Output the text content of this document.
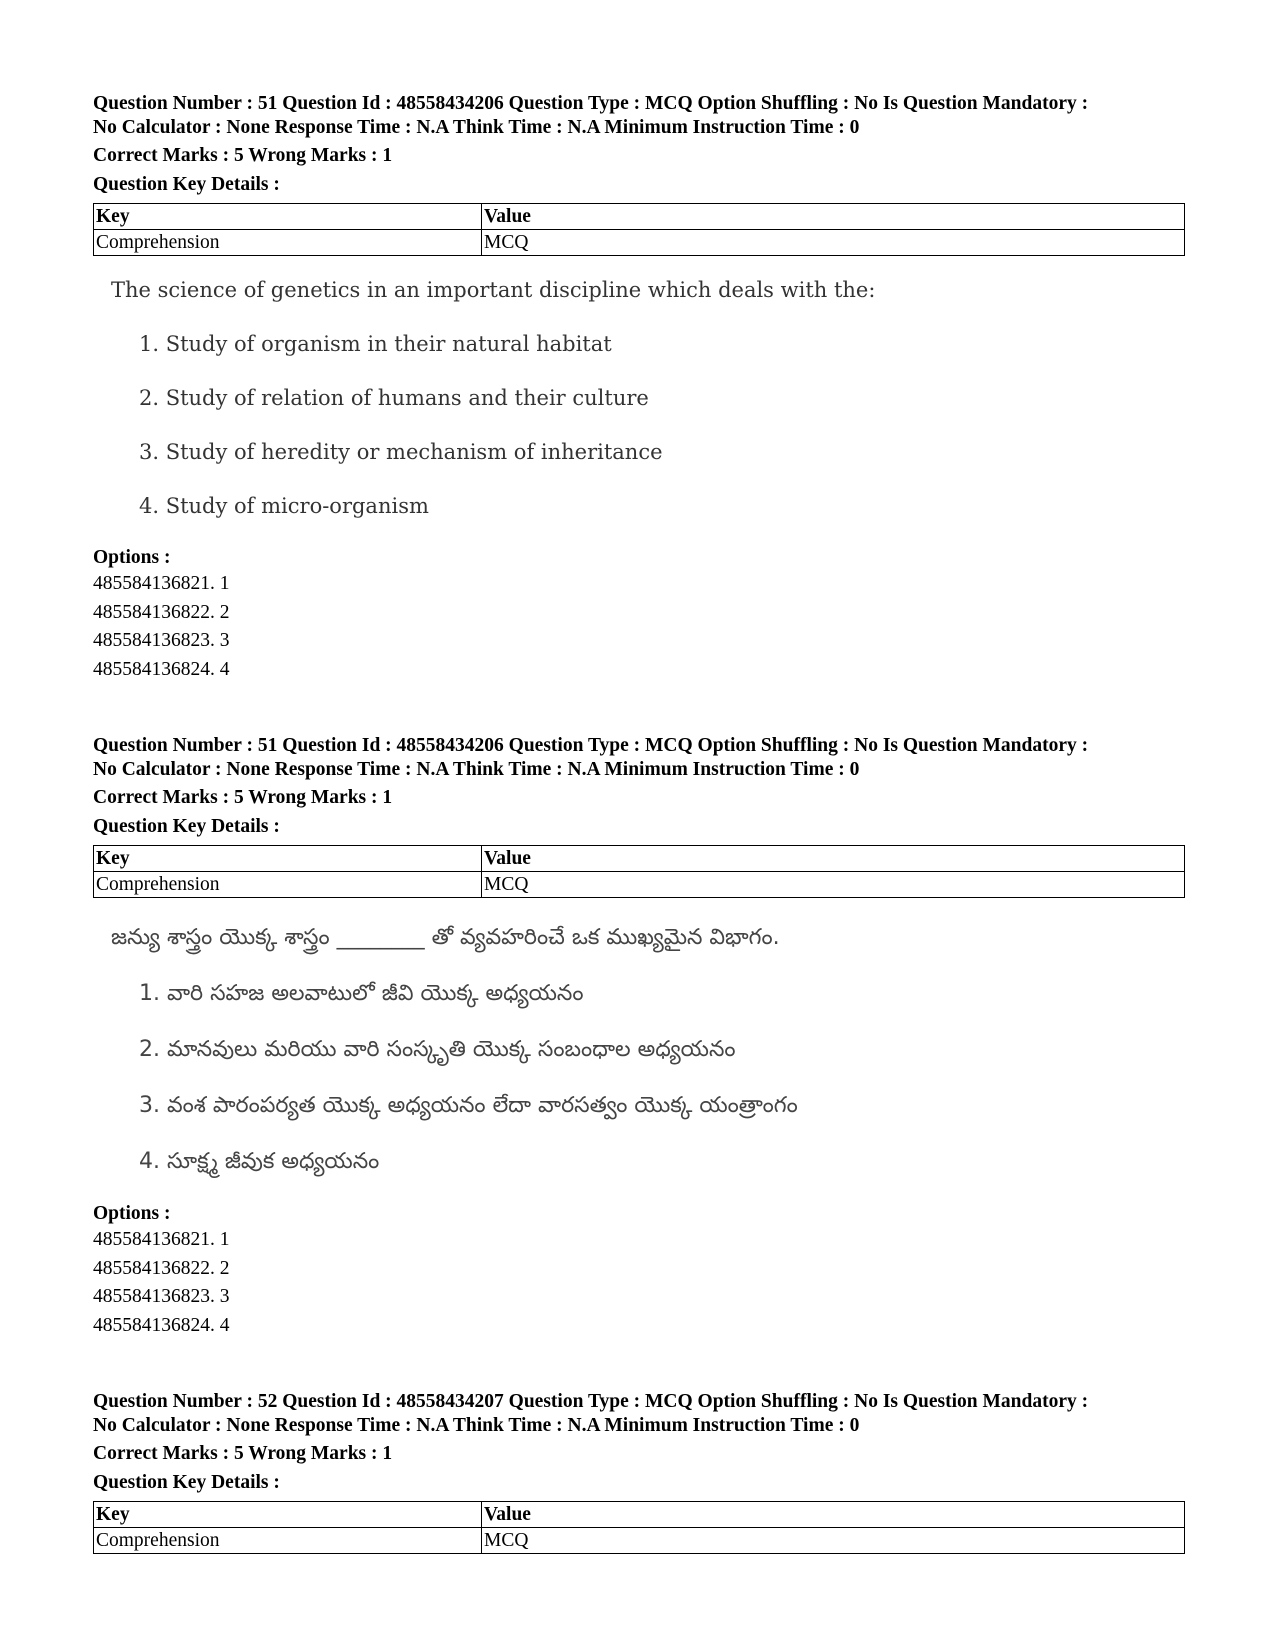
Question Number : 51 Question Id : 48558434206 Question Type : MCQ Option Shuffling : No Is Question Mandatory :

No Calculator : None Response Time : N.A Think Time : N.A Minimum Instruction Time : 0

Correct Marks : 5 Wrong Marks : 1
Question Key Details :
Key	Value
Comprehension	MCQ
The science of genetics in an important discipline which deals with the:
1. Study of organism in their natural habitat
2. Study of relation of humans and their culture
3. Study of heredity or mechanism of inheritance
4. Study of micro-organism
Options :
485584136821. 1
485584136822. 2
485584136823. 3
485584136824. 4

Question Number : 51 Question Id : 48558434206 Question Type : MCQ Option Shuffling : No Is Question Mandatory :

No Calculator : None Response Time : N.A Think Time : N.A Minimum Instruction Time : 0

Correct Marks : 5 Wrong Marks : 1
Question Key Details :
Key	Value
Comprehension	MCQ
జన్యు శాస్త్రం యొక్క శాస్త్రం ________ తో వ్యవహరించే ఒక ముఖ్యమైన విభాగం.
1. వారి సహజ అలవాటులో జీవి యొక్క అధ్యయనం
2. మానవులు మరియు వారి సంస్కృతి యొక్క సంబంధాల అధ్యయనం
3. వంశ పారంపర్యత యొక్క అధ్యయనం లేదా వారసత్వం యొక్క యంత్రాంగం
4. సూక్ష్మ జీవుక అధ్యయనం
Options :
485584136821. 1
485584136822. 2
485584136823. 3
485584136824. 4

Question Number : 52 Question Id : 48558434207 Question Type : MCQ Option Shuffling : No Is Question Mandatory :

No Calculator : None Response Time : N.A Think Time : N.A Minimum Instruction Time : 0

Correct Marks : 5 Wrong Marks : 1
Question Key Details :
Key	Value
Comprehension	MCQ
